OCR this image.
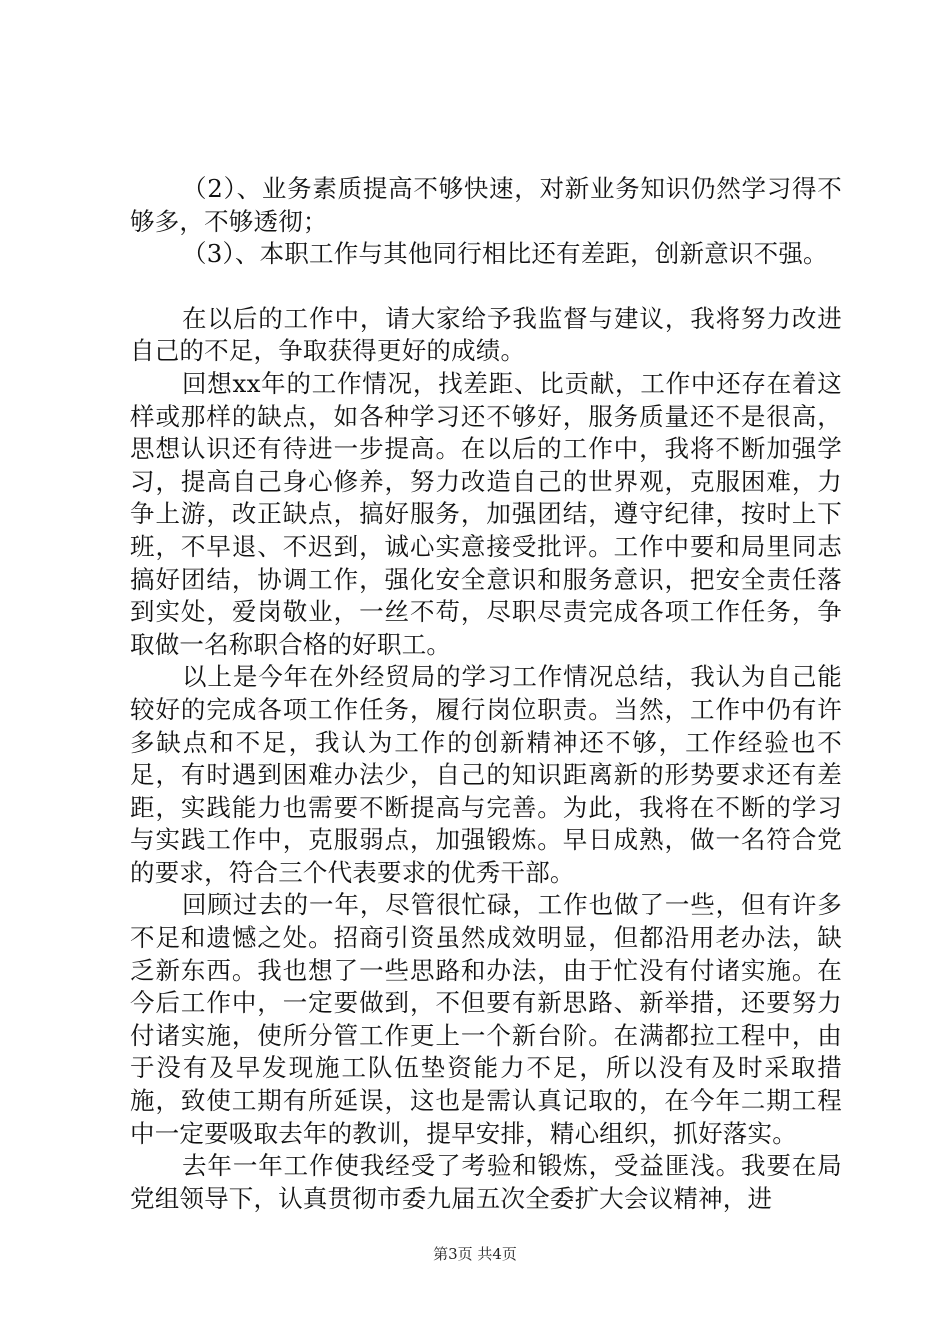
（2）、业务素质提高不够快速，对新业务知识仍然学习得不够多，不够透彻；

（3）、本职工作与其他同行相比还有差距，创新意识不强。

在以后的工作中，请大家给予我监督与建议，我将努力改进自己的不足，争取获得更好的成绩。

回想xx年的工作情况，找差距、比贡献，工作中还存在着这样或那样的缺点，如各种学习还不够好，服务质量还不是很高，思想认识还有待进一步提高。在以后的工作中，我将不断加强学习，提高自己身心修养，努力改造自己的世界观，克服困难，力争上游，改正缺点，搞好服务，加强团结，遵守纪律，按时上下班，不早退、不迟到，诚心实意接受批评。工作中要和局里同志搞好团结，协调工作，强化安全意识和服务意识，把安全责任落到实处，爱岗敬业，一丝不苟，尽职尽责完成各项工作任务，争取做一名称职合格的好职工。

以上是今年在外经贸局的学习工作情况总结，我认为自己能较好的完成各项工作任务，履行岗位职责。当然，工作中仍有许多缺点和不足，我认为工作的创新精神还不够，工作经验也不足，有时遇到困难办法少，自己的知识距离新的形势要求还有差距，实践能力也需要不断提高与完善。为此，我将在不断的学习与实践工作中，克服弱点，加强锻炼。早日成熟，做一名符合党的要求，符合三个代表要求的优秀干部。

回顾过去的一年，尽管很忙碌，工作也做了一些，但有许多不足和遗憾之处。招商引资虽然成效明显，但都沿用老办法，缺乏新东西。我也想了一些思路和办法，由于忙没有付诸实施。在今后工作中，一定要做到，不但要有新思路、新举措，还要努力付诸实施，使所分管工作更上一个新台阶。在满都拉工程中，由于没有及早发现施工队伍垫资能力不足，所以没有及时采取措施，致使工期有所延误，这也是需认真记取的，在今年二期工程中一定要吸取去年的教训，提早安排，精心组织，抓好落实。

去年一年工作使我经受了考验和锻炼，受益匪浅。我要在局党组领导下，认真贯彻市委九届五次全委扩大会议精神，进

第3页 共4页
